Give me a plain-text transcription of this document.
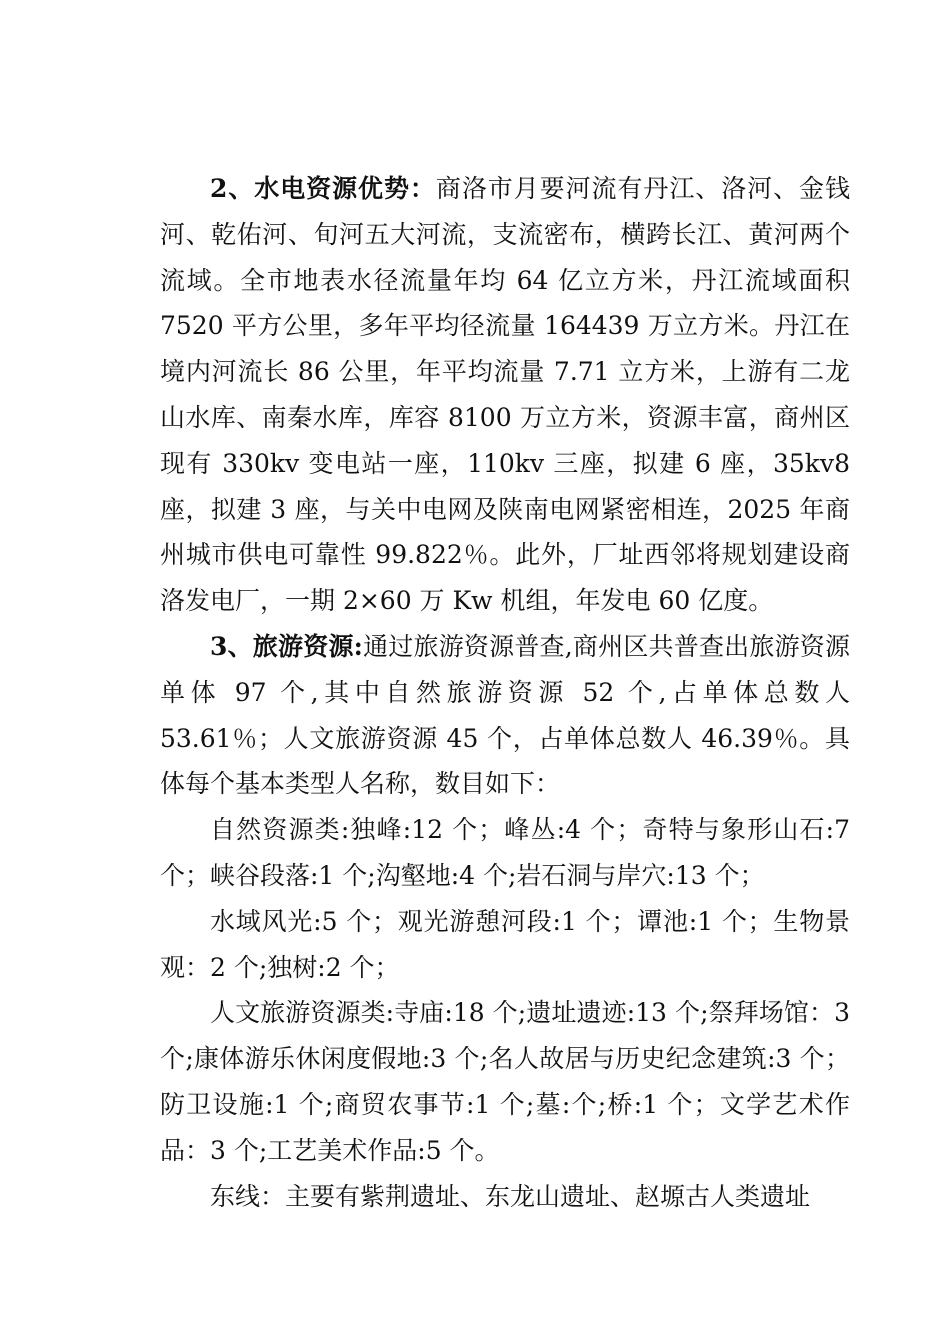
2、水电资源优势：商洛市月要河流有丹江、洛河、金钱河、乾佑河、旬河五大河流，支流密布，横跨长江、黄河两个流域。全市地表水径流量年均 64 亿立方米，丹江流域面积 7520 平方公里，多年平均径流量 164439 万立方米。丹江在境内河流长 86 公里，年平均流量 7.71 立方米，上游有二龙山水库、南秦水库，库容 8100 万立方米，资源丰富，商州区现有 330kv 变电站一座，110kv 三座，拟建 6 座，35kv8 座，拟建 3 座，与关中电网及陕南电网紧密相连，2025 年商州城市供电可靠性 99.822％。此外，厂址西邻将规划建设商洛发电厂，一期 2×60 万 Kw 机组，年发电 60 亿度。

3、旅游资源:通过旅游资源普查,商州区共普查出旅游资源单体 97 个,其中自然旅游资源 52 个,占单体总数人 53.61％；人文旅游资源 45 个，占单体总数人 46.39％。具体每个基本类型人名称，数目如下：

自然资源类:独峰:12 个；峰丛:4 个；奇特与象形山石:7 个；峡谷段落:1 个;沟壑地:4 个;岩石洞与岸穴:13 个；

水域风光:5 个；观光游憩河段:1 个；谭池:1 个；生物景观：2 个;独树:2 个；

人文旅游资源类:寺庙:18 个;遗址遗迹:13 个;祭拜场馆：3 个;康体游乐休闲度假地:3 个;名人故居与历史纪念建筑:3 个；防卫设施:1 个;商贸农事节:1 个;墓:个;桥:1 个；文学艺术作品：3 个;工艺美术作品:5 个。

东线：主要有紫荆遗址、东龙山遗址、赵塬古人类遗址
